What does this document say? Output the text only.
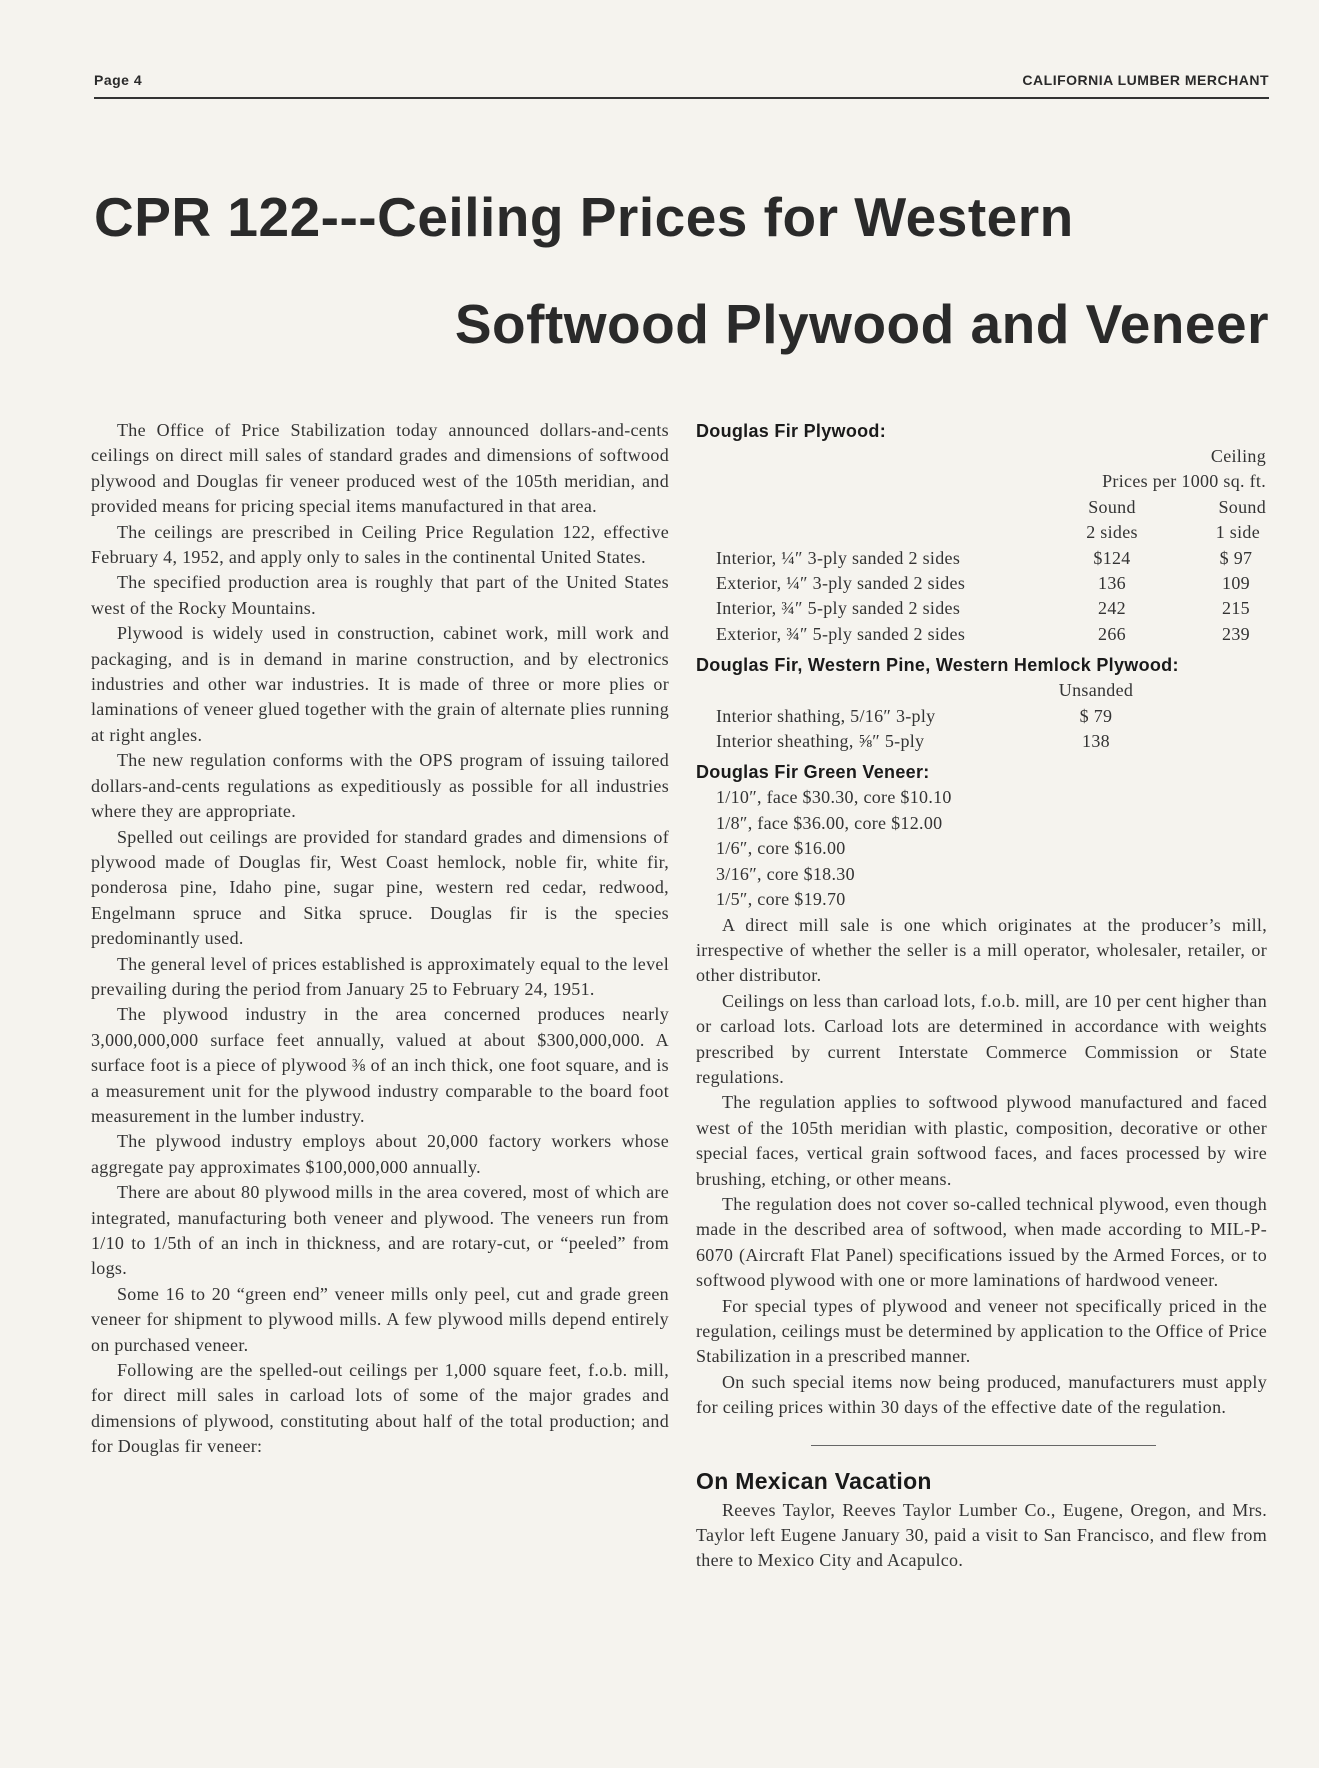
Page 4	CALIFORNIA LUMBER MERCHANT
CPR 122---Ceiling Prices for Western
Softwood Plywood and Veneer

The Office of Price Stabilization today announced dollars-and-cents ceilings on direct mill sales of standard grades and dimensions of softwood plywood and Douglas fir veneer produced west of the 105th meridian, and provided means for pricing special items manufactured in that area.

The ceilings are prescribed in Ceiling Price Regulation 122, effective February 4, 1952, and apply only to sales in the continental United States.

The specified production area is roughly that part of the United States west of the Rocky Mountains.

Plywood is widely used in construction, cabinet work, mill work and packaging, and is in demand in marine construction, and by electronics industries and other war industries. It is made of three or more plies or laminations of veneer glued together with the grain of alternate plies running at right angles.

The new regulation conforms with the OPS program of issuing tailored dollars-and-cents regulations as expeditiously as possible for all industries where they are appropriate.

Spelled out ceilings are provided for standard grades and dimensions of plywood made of Douglas fir, West Coast hemlock, noble fir, white fir, ponderosa pine, Idaho pine, sugar pine, western red cedar, redwood, Engelmann spruce and Sitka spruce. Douglas fir is the species predominantly used.

The general level of prices established is approximately equal to the level prevailing during the period from January 25 to February 24, 1951.

The plywood industry in the area concerned produces nearly 3,000,000,000 surface feet annually, valued at about $300,000,000. A surface foot is a piece of plywood ⅜ of an inch thick, one foot square, and is a measurement unit for the plywood industry comparable to the board foot measurement in the lumber industry.

The plywood industry employs about 20,000 factory workers whose aggregate pay approximates $100,000,000 annually.

There are about 80 plywood mills in the area covered, most of which are integrated, manufacturing both veneer and plywood. The veneers run from 1/10 to 1/5th of an inch in thickness, and are rotary-cut, or “peeled” from logs.

Some 16 to 20 “green end” veneer mills only peel, cut and grade green veneer for shipment to plywood mills. A few plywood mills depend entirely on purchased veneer.

Following are the spelled-out ceilings per 1,000 square feet, f.o.b. mill, for direct mill sales in carload lots of some of the major grades and dimensions of plywood, constituting about half of the total production; and for Douglas fir veneer:

Douglas Fir Plywood:
	Ceiling	
	Prices per 1000 sq. ft.	
	Sound	Sound
	2 sides	1 side
Interior, ¼″ 3-ply sanded 2 sides	$124	$ 97
Exterior, ¼″ 3-ply sanded 2 sides	136	109
Interior, ¾″ 5-ply sanded 2 sides	242	215
Exterior, ¾″ 5-ply sanded 2 sides	266	239
Douglas Fir, Western Pine, Western Hemlock Plywood:
	Unsanded
Interior shathing, 5/16″ 3-ply	$ 79
Interior sheathing, ⅝″ 5-ply	138
Douglas Fir Green Veneer:
1/10″, face $30.30, core $10.10
1/8″, face $36.00, core $12.00
1/6″, core $16.00
3/16″, core $18.30
1/5″, core $19.70

A direct mill sale is one which originates at the producer’s mill, irrespective of whether the seller is a mill operator, wholesaler, retailer, or other distributor.

Ceilings on less than carload lots, f.o.b. mill, are 10 per cent higher than or carload lots. Carload lots are determined in accordance with weights prescribed by current Interstate Commerce Commission or State regulations.

The regulation applies to softwood plywood manufactured and faced west of the 105th meridian with plastic, composition, decorative or other special faces, vertical grain softwood faces, and faces processed by wire brushing, etching, or other means.

The regulation does not cover so-called technical plywood, even though made in the described area of softwood, when made according to MIL-P-6070 (Aircraft Flat Panel) specifications issued by the Armed Forces, or to softwood plywood with one or more laminations of hardwood veneer.

For special types of plywood and veneer not specifically priced in the regulation, ceilings must be determined by application to the Office of Price Stabilization in a prescribed manner.

On such special items now being produced, manufacturers must apply for ceiling prices within 30 days of the effective date of the regulation.

On Mexican Vacation

Reeves Taylor, Reeves Taylor Lumber Co., Eugene, Oregon, and Mrs. Taylor left Eugene January 30, paid a visit to San Francisco, and flew from there to Mexico City and Acapulco.
